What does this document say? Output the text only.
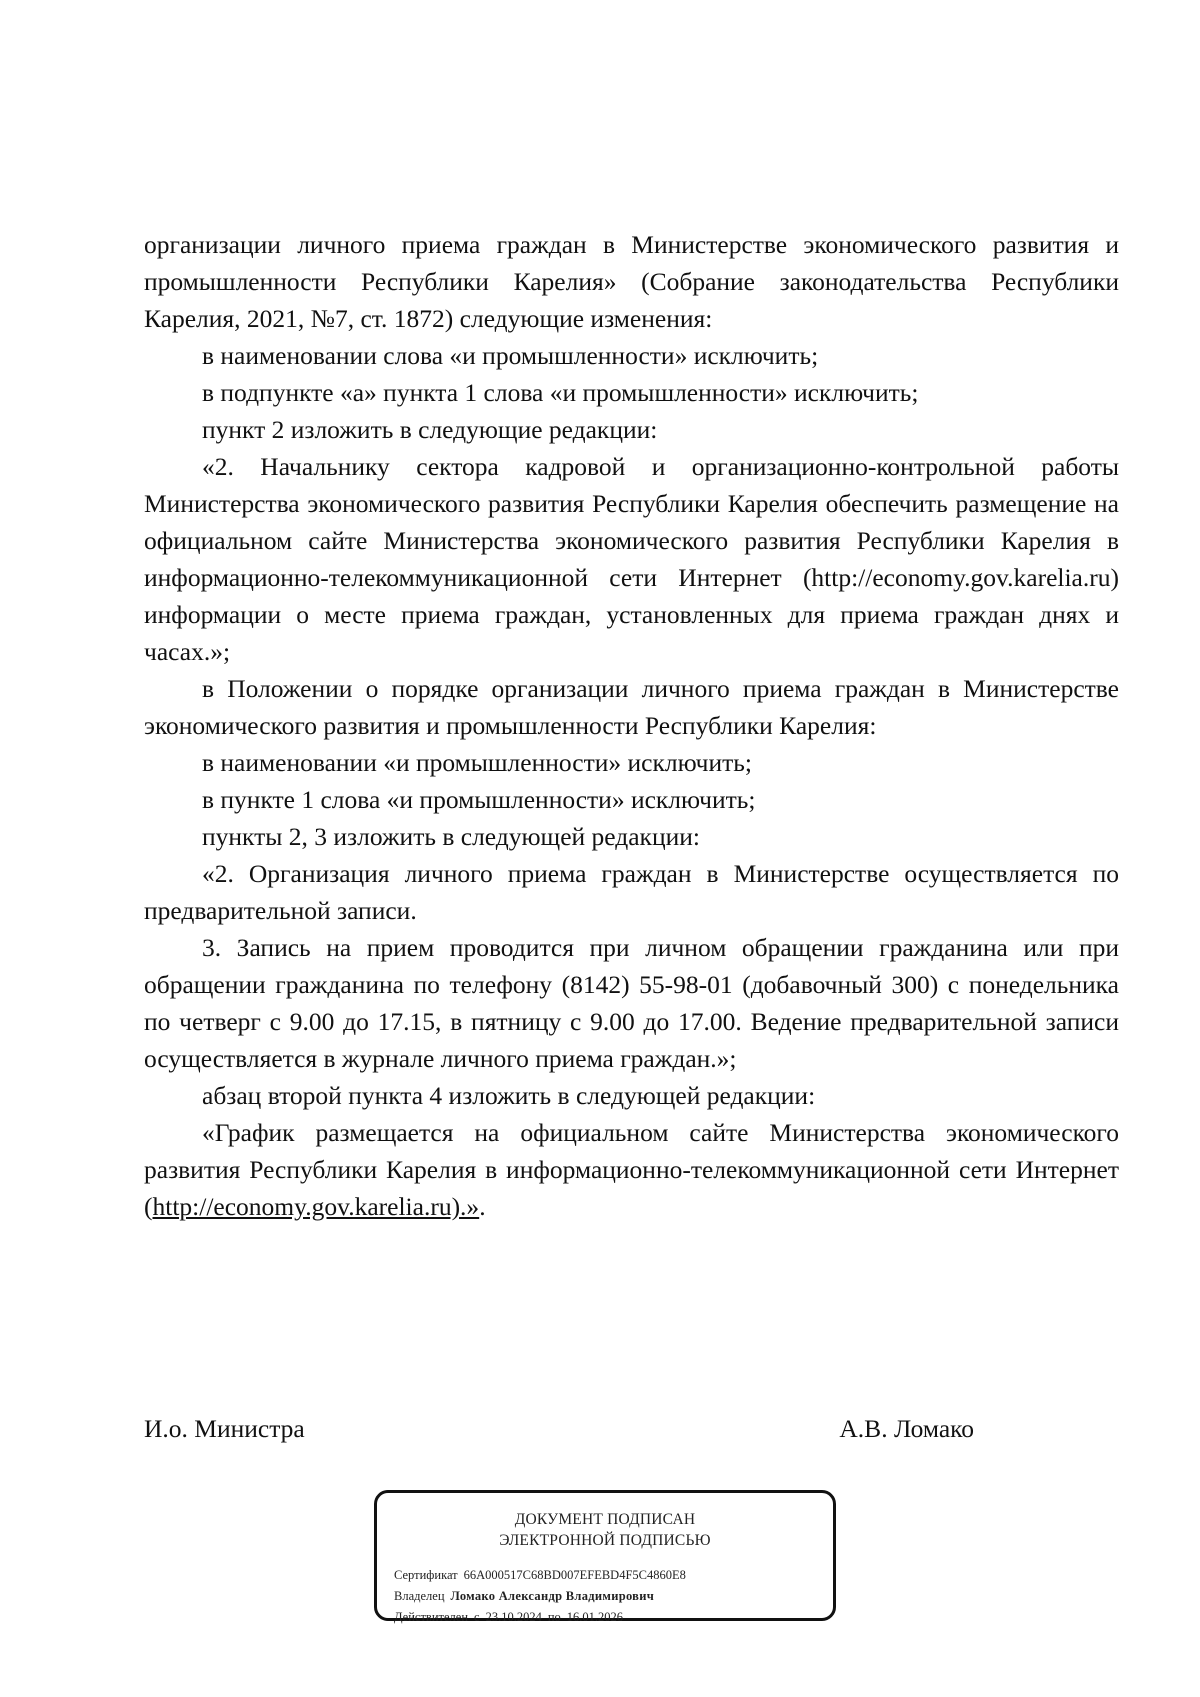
организации личного приема граждан в Министерстве экономического развития и промышленности Республики Карелия» (Собрание законодательства Республики Карелия, 2021, №7, ст. 1872) следующие изменения:

в наименовании слова «и промышленности» исключить;

в подпункте «а» пункта 1 слова «и промышленности» исключить;

пункт 2 изложить в следующие редакции:

«2. Начальнику сектора кадровой и организационно-контрольной работы Министерства экономического развития Республики Карелия обеспечить размещение на официальном сайте Министерства экономического развития Республики Карелия в информационно-телекоммуникационной сети Интернет (http://economy.gov.karelia.ru) информации о месте приема граждан, установленных для приема граждан днях и часах.»;

в Положении о порядке организации личного приема граждан в Министерстве экономического развития и промышленности Республики Карелия:

в наименовании «и промышленности» исключить;

в пункте 1 слова «и промышленности» исключить;

пункты 2, 3 изложить в следующей редакции:

«2. Организация личного приема граждан в Министерстве осуществляется по предварительной записи.

3. Запись на прием проводится при личном обращении гражданина или при обращении гражданина по телефону (8142) 55-98-01 (добавочный 300) с понедельника по четверг с 9.00 до 17.15, в пятницу с 9.00 до 17.00. Ведение предварительной записи осуществляется в журнале личного приема граждан.»;

абзац второй пункта 4 изложить в следующей редакции:

«График размещается на официальном сайте Министерства экономического развития Республики Карелия в информационно-телекоммуникационной сети Интернет (http://economy.gov.karelia.ru).».

И.о. Министра	А.В. Ломако
ДОКУМЕНТ ПОДПИСАН
ЭЛЕКТРОННОЙ ПОДПИСЬЮ
Сертификат 66A000517C68BD007EFEBD4F5C4860E8
Владелец Ломако Александр Владимирович
Действителен с 23.10.2024 по 16.01.2026
